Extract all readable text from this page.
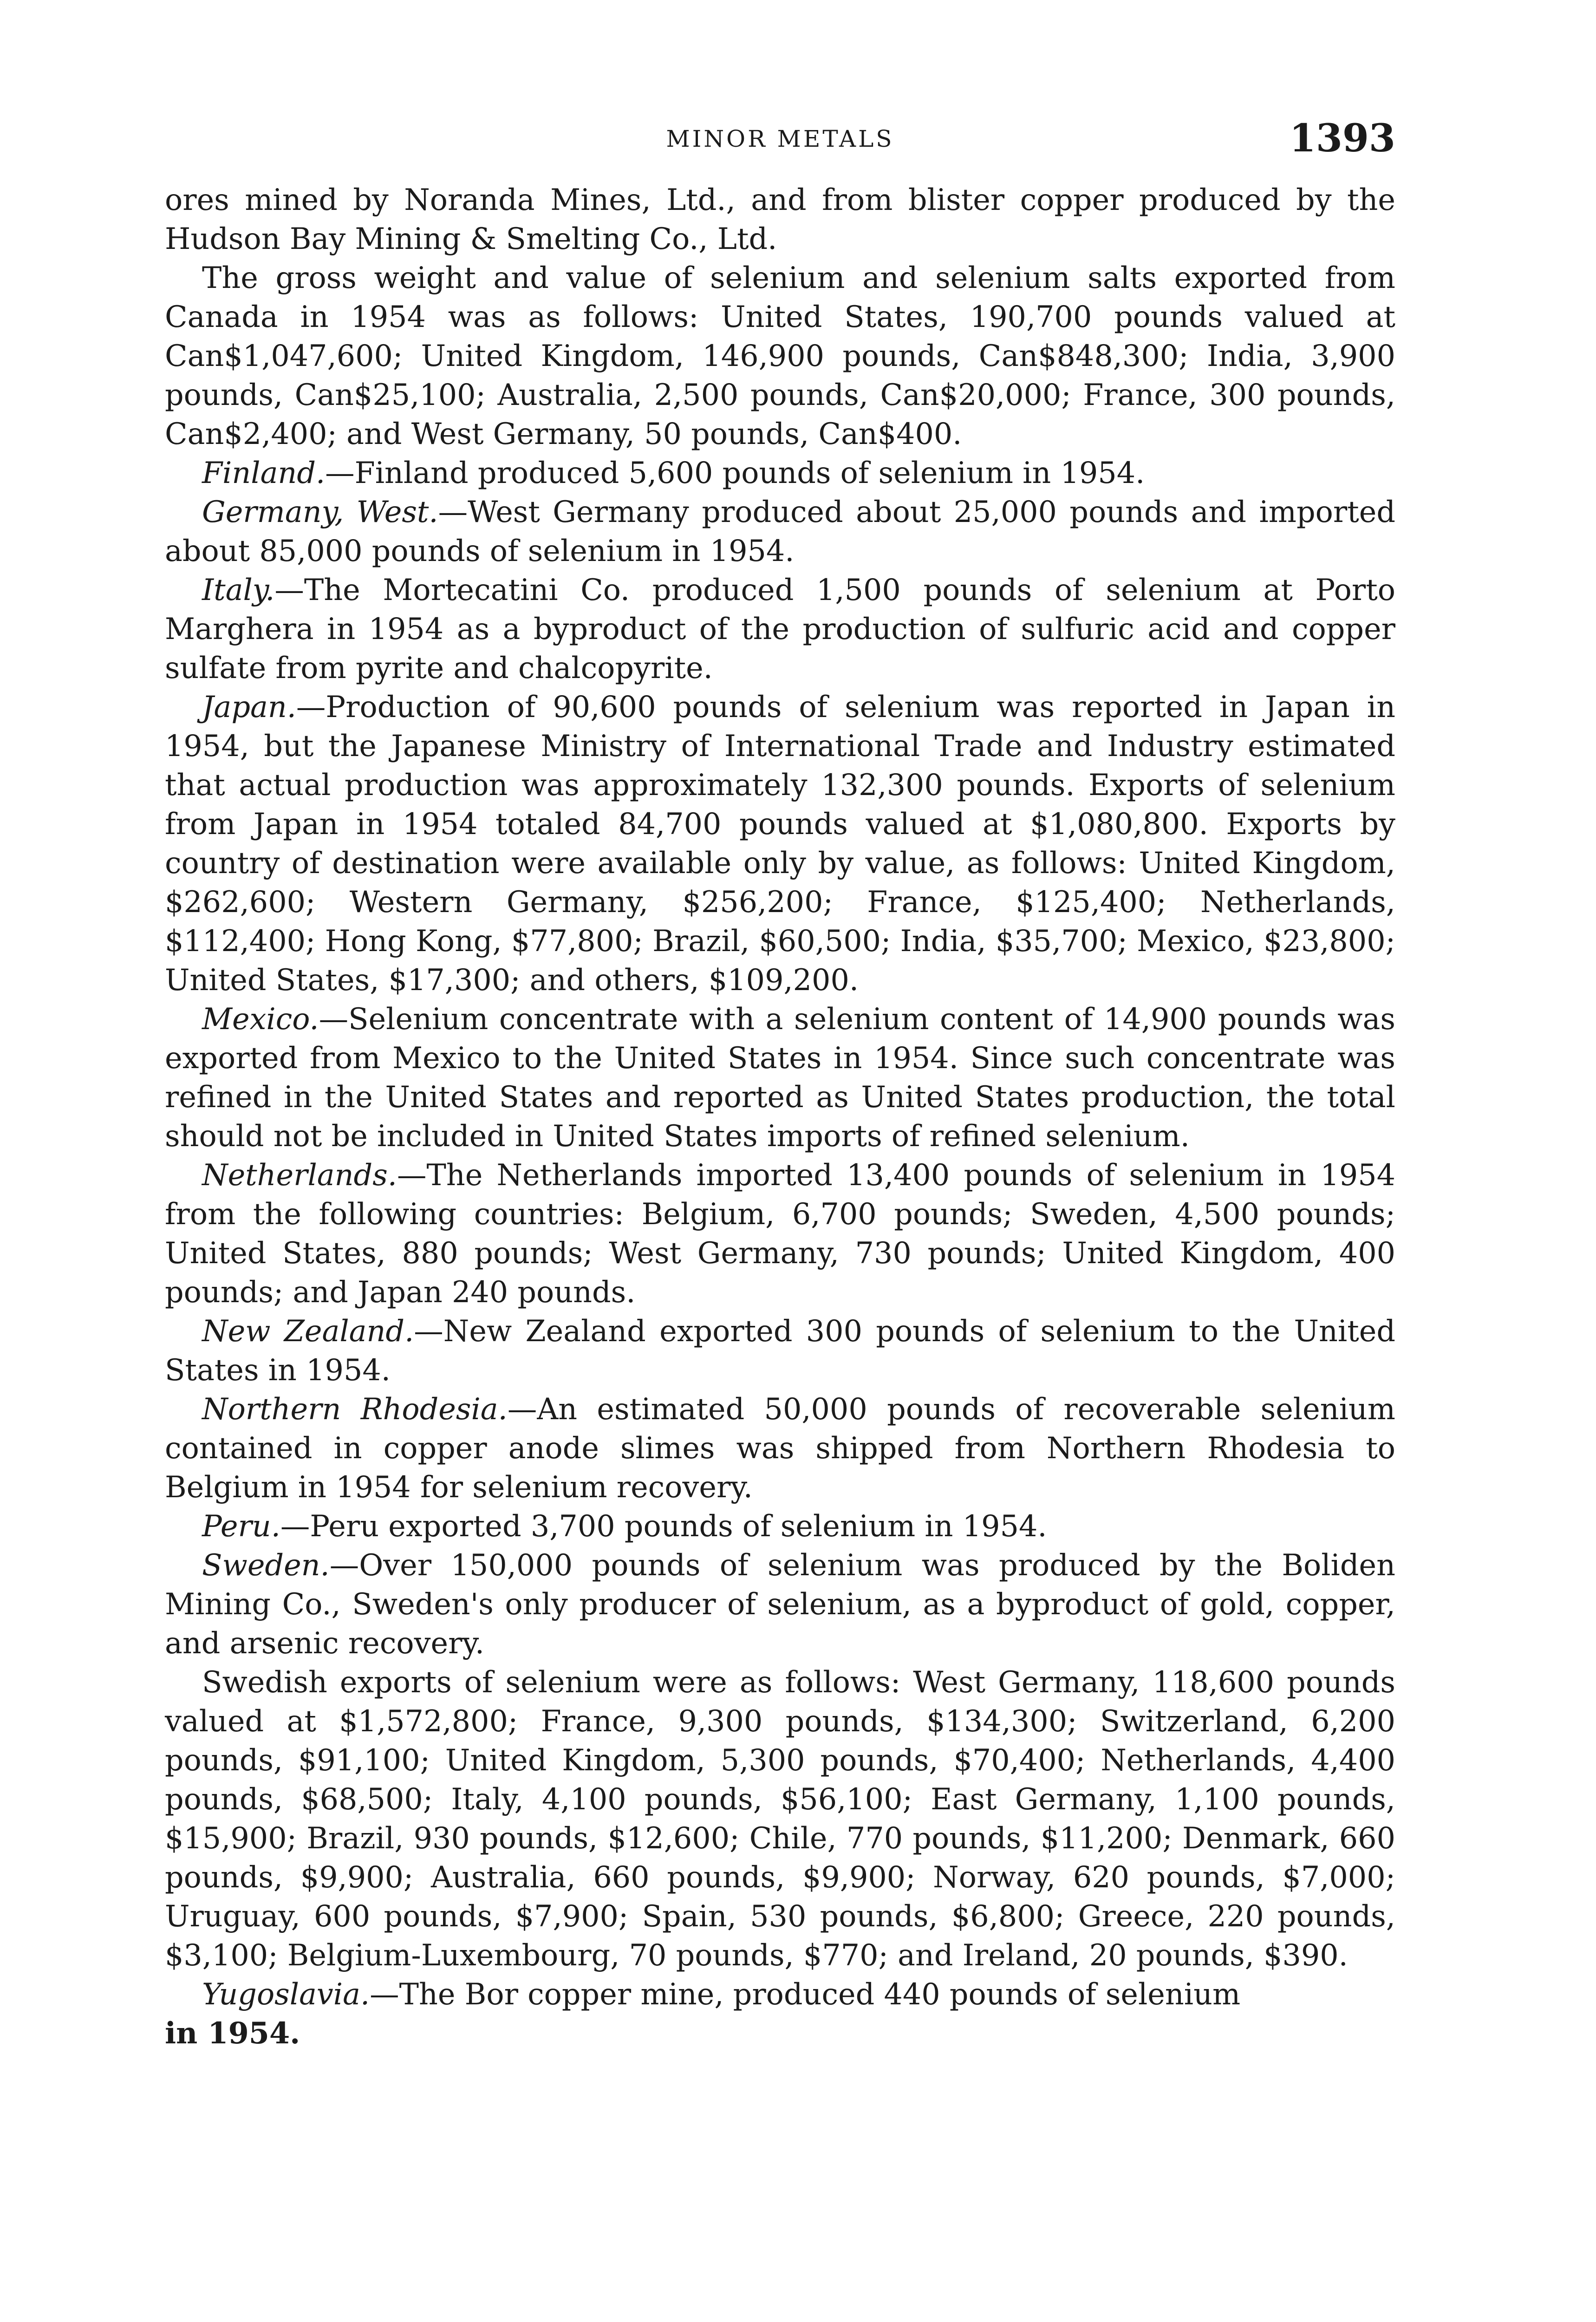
MINOR METALS	1393

ores mined by Noranda Mines, Ltd., and from blister copper produced by the Hudson Bay Mining & Smelting Co., Ltd.

The gross weight and value of selenium and selenium salts exported from Canada in 1954 was as follows: United States, 190,700 pounds valued at Can$1,047,600; United Kingdom, 146,900 pounds, Can$848,300; India, 3,900 pounds, Can$25,100; Australia, 2,500 pounds, Can$20,000; France, 300 pounds, Can$2,400; and West Germany, 50 pounds, Can$400.

Finland.—Finland produced 5,600 pounds of selenium in 1954.

Germany, West.—West Germany produced about 25,000 pounds and imported about 85,000 pounds of selenium in 1954.

Italy.—The Mortecatini Co. produced 1,500 pounds of selenium at Porto Marghera in 1954 as a byproduct of the production of sulfuric acid and copper sulfate from pyrite and chalcopyrite.

Japan.—Production of 90,600 pounds of selenium was reported in Japan in 1954, but the Japanese Ministry of International Trade and Industry estimated that actual production was approximately 132,300 pounds. Exports of selenium from Japan in 1954 totaled 84,700 pounds valued at $1,080,800. Exports by country of destination were available only by value, as follows: United Kingdom, $262,600; Western Germany, $256,200; France, $125,400; Netherlands, $112,400; Hong Kong, $77,800; Brazil, $60,500; India, $35,700; Mexico, $23,800; United States, $17,300; and others, $109,200.

Mexico.—Selenium concentrate with a selenium content of 14,900 pounds was exported from Mexico to the United States in 1954. Since such concentrate was refined in the United States and reported as United States production, the total should not be included in United States imports of refined selenium.

Netherlands.—The Netherlands imported 13,400 pounds of selenium in 1954 from the following countries: Belgium, 6,700 pounds; Sweden, 4,500 pounds; United States, 880 pounds; West Germany, 730 pounds; United Kingdom, 400 pounds; and Japan 240 pounds.

New Zealand.—New Zealand exported 300 pounds of selenium to the United States in 1954.

Northern Rhodesia.—An estimated 50,000 pounds of recoverable selenium contained in copper anode slimes was shipped from Northern Rhodesia to Belgium in 1954 for selenium recovery.

Peru.—Peru exported 3,700 pounds of selenium in 1954.

Sweden.—Over 150,000 pounds of selenium was produced by the Boliden Mining Co., Sweden's only producer of selenium, as a byproduct of gold, copper, and arsenic recovery.

Swedish exports of selenium were as follows: West Germany, 118,600 pounds valued at $1,572,800; France, 9,300 pounds, $134,300; Switzerland, 6,200 pounds, $91,100; United Kingdom, 5,300 pounds, $70,400; Netherlands, 4,400 pounds, $68,500; Italy, 4,100 pounds, $56,100; East Germany, 1,100 pounds, $15,900; Brazil, 930 pounds, $12,600; Chile, 770 pounds, $11,200; Denmark, 660 pounds, $9,900; Australia, 660 pounds, $9,900; Norway, 620 pounds, $7,000; Uruguay, 600 pounds, $7,900; Spain, 530 pounds, $6,800; Greece, 220 pounds, $3,100; Belgium-Luxembourg, 70 pounds, $770; and Ireland, 20 pounds, $390.

Yugoslavia.—The Bor copper mine, produced 440 pounds of selenium
in 1954.
